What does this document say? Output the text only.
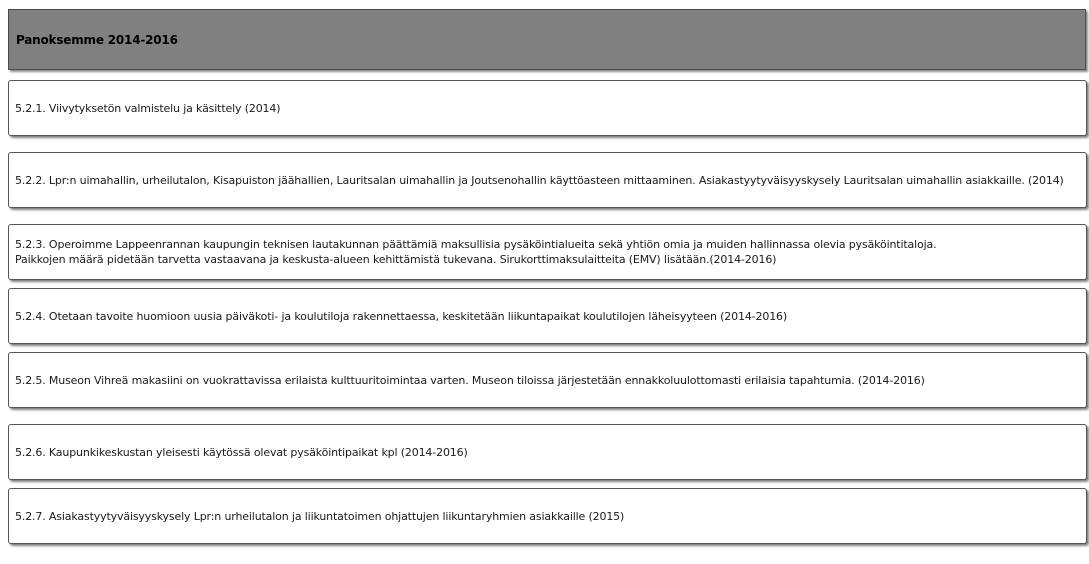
Panoksemme 2014-2016
5.2.1. Viivytyksetön valmistelu ja käsittely (2014)
5.2.2. Lpr:n uimahallin, urheilutalon, Kisapuiston jäähallien, Lauritsalan uimahallin ja Joutsenohallin käyttöasteen mittaaminen. Asiakastyytyväisyyskysely Lauritsalan uimahallin asiakkaille. (2014)
5.2.3. Operoimme Lappeenrannan kaupungin teknisen lautakunnan päättämiä maksullisia pysäköintialueita sekä yhtiön omia ja muiden hallinnassa olevia pysäköintitaloja.
Paikkojen määrä pidetään tarvetta vastaavana ja keskusta-alueen kehittämistä tukevana. Sirukorttimaksulaitteita (EMV) lisätään.(2014-2016)
5.2.4. Otetaan tavoite huomioon uusia päiväkoti- ja koulutiloja rakennettaessa, keskitetään liikuntapaikat koulutilojen läheisyyteen (2014-2016)
5.2.5. Museon Vihreä makasiini on vuokrattavissa erilaista kulttuuritoimintaa varten. Museon tiloissa järjestetään ennakkoluulottomasti erilaisia tapahtumia. (2014-2016)
5.2.6. Kaupunkikeskustan yleisesti käytössä olevat pysäköintipaikat kpl (2014-2016)
5.2.7. Asiakastyytyväisyyskysely Lpr:n urheilutalon ja liikuntatoimen ohjattujen liikuntaryhmien asiakkaille (2015)
